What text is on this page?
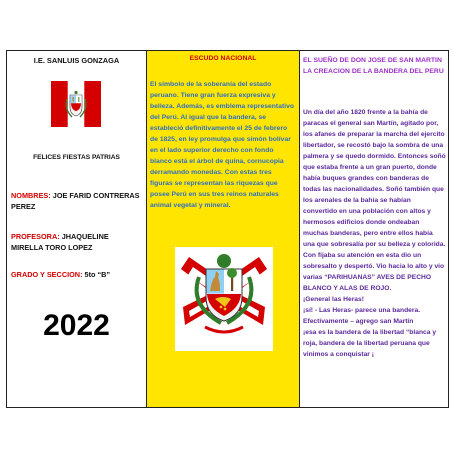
I.E. SANLUIS GONZAGA
FELICES FIESTAS PATRIAS
NOMBRES: JOE FARID CONTRERAS PEREZ
PROFESORA: JHAQUELINE MIRELLA TORO LOPEZ
GRADO Y SECCION: 5to “B”
2022
ESCUDO NACIONAL
El símbolo de la soberanía del estado peruano. Tiene gran fuerza expresiva y belleza. Además, es emblema representativo del Perú. Al igual que la bandera, se estableció definitivamente el 25 de febrero de 1825, en ley promulga que simón bolívar en el lado superior derecho con fondo blanco está el árbol de quina, cornucopia derramando monedas. Con estas tres figuras se representan las riquezas que posee Perú en sus tres reinos naturales animal vegetal y mineral.
EL SUEÑO DE DON JOSE DE SAN MARTIN LA CREACION DE LA BANDERA DEL PERU

Un día del año 1820 frente a la bahía de paracas el general san Martín, agitado por, los afanes de preparar la marcha del ejercito libertador, se recostó bajo la sombra de una palmera y se quedo dormido. Entonces soñó que estaba frente a un gran puerto, donde había buques grandes con banderas de todas las nacionalidades. Soñó también que los arenales de la bahía se habían convertido en una población con altos y hermosos edificios donde ondeaban muchas banderas, pero entre ellos había una que sobresalía por su belleza y colorida. Con fijaba su atención en esta dio un sobresalto y despertó. Vio hacia lo alto y vio varias “PARIHUANAS” AVES DE PECHO BLANCO Y ALAS DE ROJO.

¡General las Heras!

¡sí! - Las Heras- parece una bandera.

Efectivamente – agrego san Martín

¡esa es la bandera de la libertad “blanca y roja, bandera de la libertad peruana que vinimos a conquistar ¡
